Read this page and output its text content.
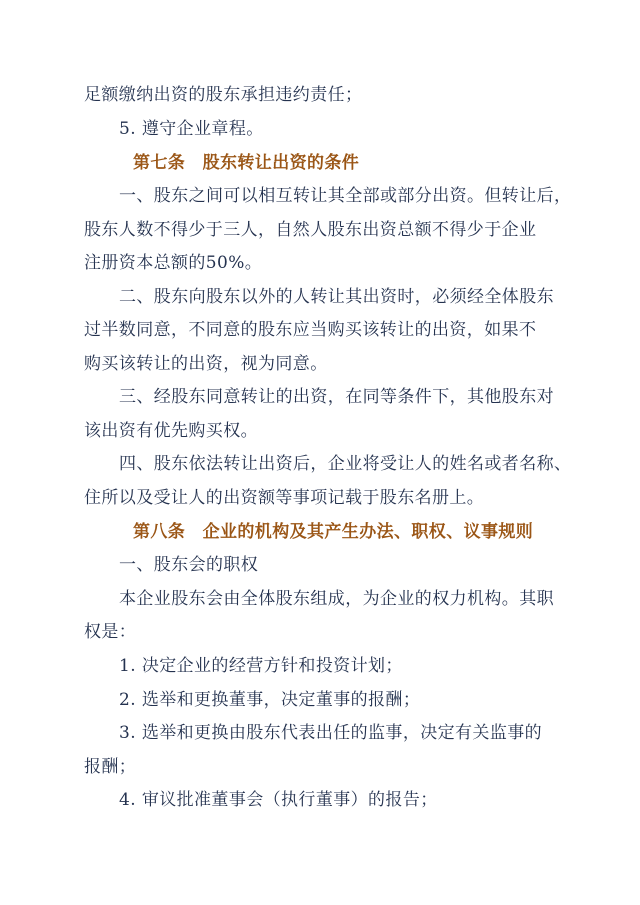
足额缴纳出资的股东承担违约责任；
5. 遵守企业章程。
第七条　股东转让出资的条件
一、股东之间可以相互转让其全部或部分出资。但转让后，
股东人数不得少于三人，自然人股东出资总额不得少于企业
注册资本总额的50%。
二、股东向股东以外的人转让其出资时，必须经全体股东
过半数同意，不同意的股东应当购买该转让的出资，如果不
购买该转让的出资，视为同意。
三、经股东同意转让的出资，在同等条件下，其他股东对
该出资有优先购买权。
四、股东依法转让出资后，企业将受让人的姓名或者名称、
住所以及受让人的出资额等事项记载于股东名册上。
第八条　企业的机构及其产生办法、职权、议事规则
一、股东会的职权
本企业股东会由全体股东组成，为企业的权力机构。其职
权是：
1. 决定企业的经营方针和投资计划；
2. 选举和更换董事，决定董事的报酬；
3. 选举和更换由股东代表出任的监事，决定有关监事的
报酬；
4. 审议批准董事会（执行董事）的报告；
